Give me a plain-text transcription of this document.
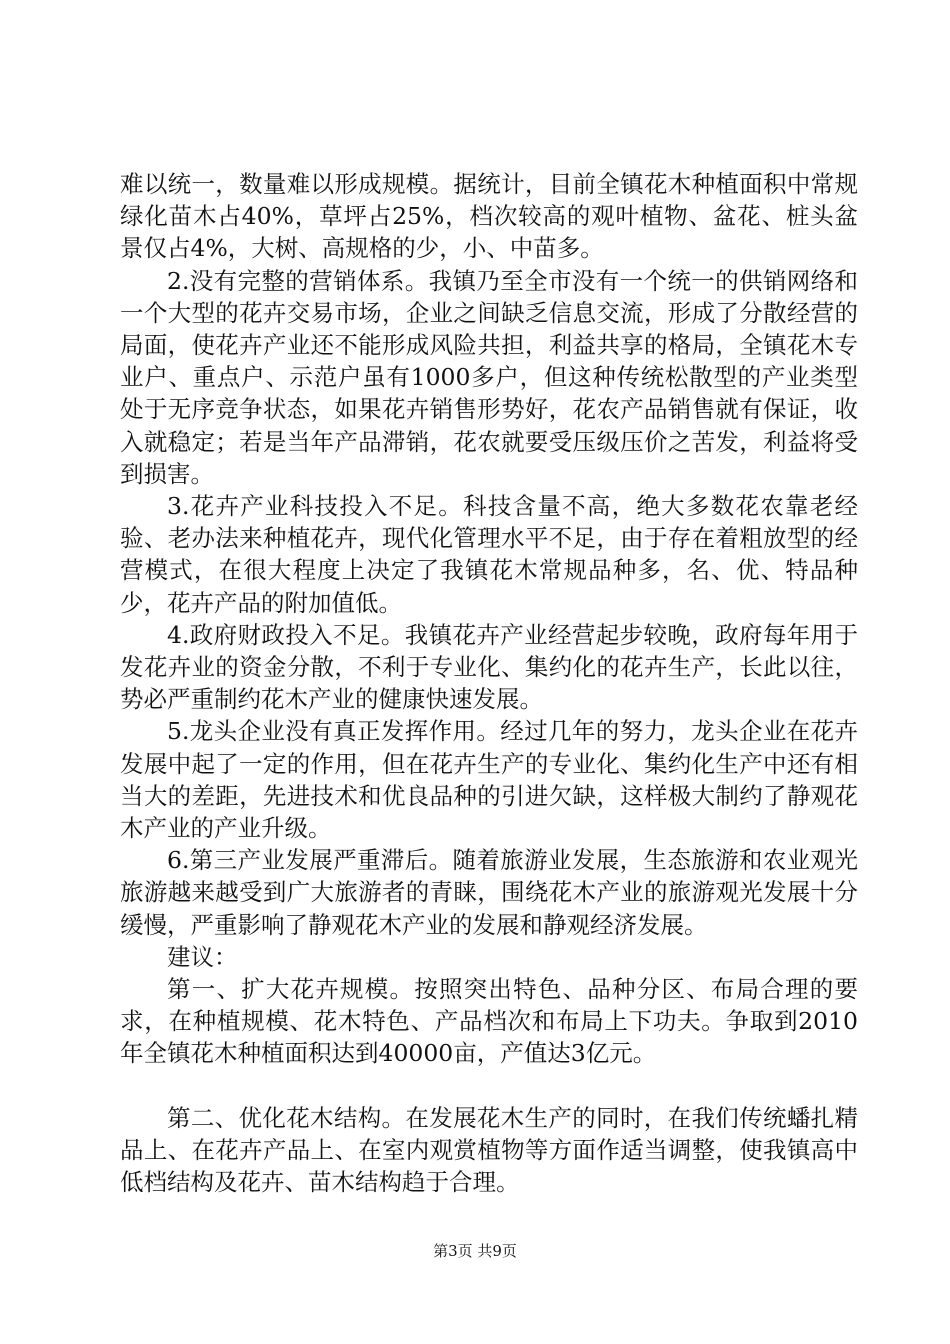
难以统一，数量难以形成规模。据统计，目前全镇花木种植面积中常规绿化苗木占40%，草坪占25%，档次较高的观叶植物、盆花、桩头盆景仅占4%，大树、高规格的少，小、中苗多。

2.没有完整的营销体系。我镇乃至全市没有一个统一的供销网络和一个大型的花卉交易市场，企业之间缺乏信息交流，形成了分散经营的局面，使花卉产业还不能形成风险共担，利益共享的格局，全镇花木专业户、重点户、示范户虽有1000多户，但这种传统松散型的产业类型处于无序竞争状态，如果花卉销售形势好，花农产品销售就有保证，收入就稳定；若是当年产品滞销，花农就要受压级压价之苦发，利益将受到损害。

3.花卉产业科技投入不足。科技含量不高，绝大多数花农靠老经验、老办法来种植花卉，现代化管理水平不足，由于存在着粗放型的经营模式，在很大程度上决定了我镇花木常规品种多，名、优、特品种少，花卉产品的附加值低。

4.政府财政投入不足。我镇花卉产业经营起步较晚，政府每年用于发花卉业的资金分散，不利于专业化、集约化的花卉生产，长此以往，势必严重制约花木产业的健康快速发展。

5.龙头企业没有真正发挥作用。经过几年的努力，龙头企业在花卉发展中起了一定的作用，但在花卉生产的专业化、集约化生产中还有相当大的差距，先进技术和优良品种的引进欠缺，这样极大制约了静观花木产业的产业升级。

6.第三产业发展严重滞后。随着旅游业发展，生态旅游和农业观光旅游越来越受到广大旅游者的青睐，围绕花木产业的旅游观光发展十分缓慢，严重影响了静观花木产业的发展和静观经济发展。

建议：

第一、扩大花卉规模。按照突出特色、品种分区、布局合理的要求，在种植规模、花木特色、产品档次和布局上下功夫。争取到2010年全镇花木种植面积达到40000亩，产值达3亿元。

第二、优化花木结构。在发展花木生产的同时，在我们传统蟠扎精品上、在花卉产品上、在室内观赏植物等方面作适当调整，使我镇高中低档结构及花卉、苗木结构趋于合理。

第3页 共9页
